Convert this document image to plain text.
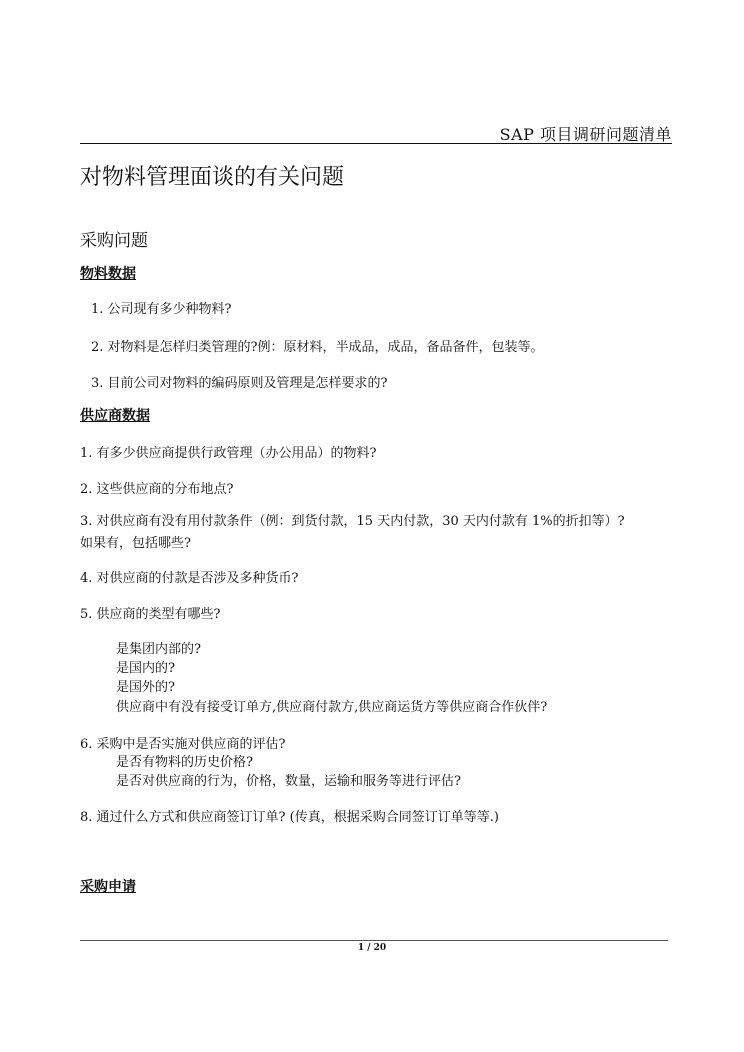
SAP 项目调研问题清单
对物料管理面谈的有关问题
采购问题
物料数据
1. 公司现有多少种物料?
2. 对物料是怎样归类管理的?例：原材料，半成品，成品，备品备件，包装等。
3. 目前公司对物料的编码原则及管理是怎样要求的?
供应商数据
1. 有多少供应商提供行政管理（办公用品）的物料?
2. 这些供应商的分布地点?
3. 对供应商有没有用付款条件（例：到货付款，15 天内付款，30 天内付款有 1%的折扣等）? 如果有，包括哪些?
4. 对供应商的付款是否涉及多种货币?
5. 供应商的类型有哪些?
是集团内部的?
是国内的?
是国外的?
供应商中有没有接受订单方,供应商付款方,供应商运货方等供应商合作伙伴?
6. 采购中是否实施对供应商的评估?
是否有物料的历史价格?
是否对供应商的行为，价格，数量，运输和服务等进行评估?
8. 通过什么方式和供应商签订订单? (传真，根据采购合同签订订单等等.)
采购申请
1 / 20
